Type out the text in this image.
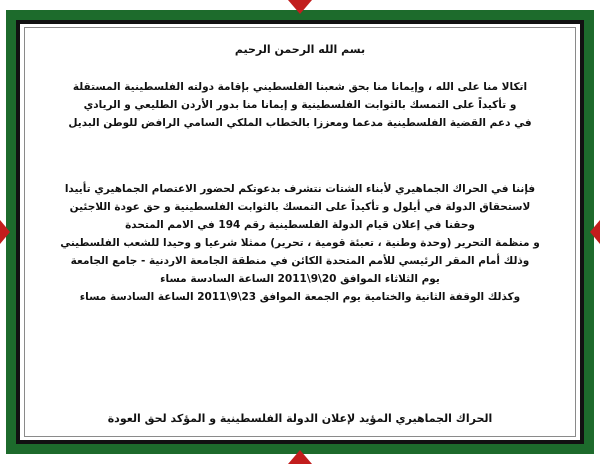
بسم الله الرحمن الرحيم
اتكالا منا على الله ، وإيمانا منا بحق شعبنا الفلسطيني بإقامة دولته الفلسطينية المستقلة
و تأكيداً على التمسك بالثوابت الفلسطينية و إيمانا منا بدور الأردن الطليعي و الريادي
في دعم القضية الفلسطينية مدعما ومعززا بالخطاب الملكي السامي الرافض للوطن البديل
فإننا في الحراك الجماهيري لأبناء الشتات نتشرف بدعوتكم لحضور الاعتصام الجماهيري تأييدا
لاستحقاق الدولة في أيلول و تأكيداً على التمسك بالثوابت الفلسطينية و حق عودة اللاجئين
وحقنا في إعلان قيام الدولة الفلسطينية رقم 194 في الامم المتحدة
و منظمة التحرير (وحدة وطنية ، تعبئة قومية ، تحرير) ممثلا شرعيا و وحيدا للشعب الفلسطيني
وذلك أمام المقر الرئيسي للأمم المتحدة الكائن في منطقة الجامعة الاردنية - جامع الجامعة
يوم الثلاثاء الموافق 20\9\2011 الساعة السادسة مساء
وكذلك الوقفة الثانية والختامية يوم الجمعة الموافق 23\9\2011 الساعة السادسة مساء
الحراك الجماهيري المؤيد لإعلان الدولة الفلسطينية و المؤكد لحق العودة
